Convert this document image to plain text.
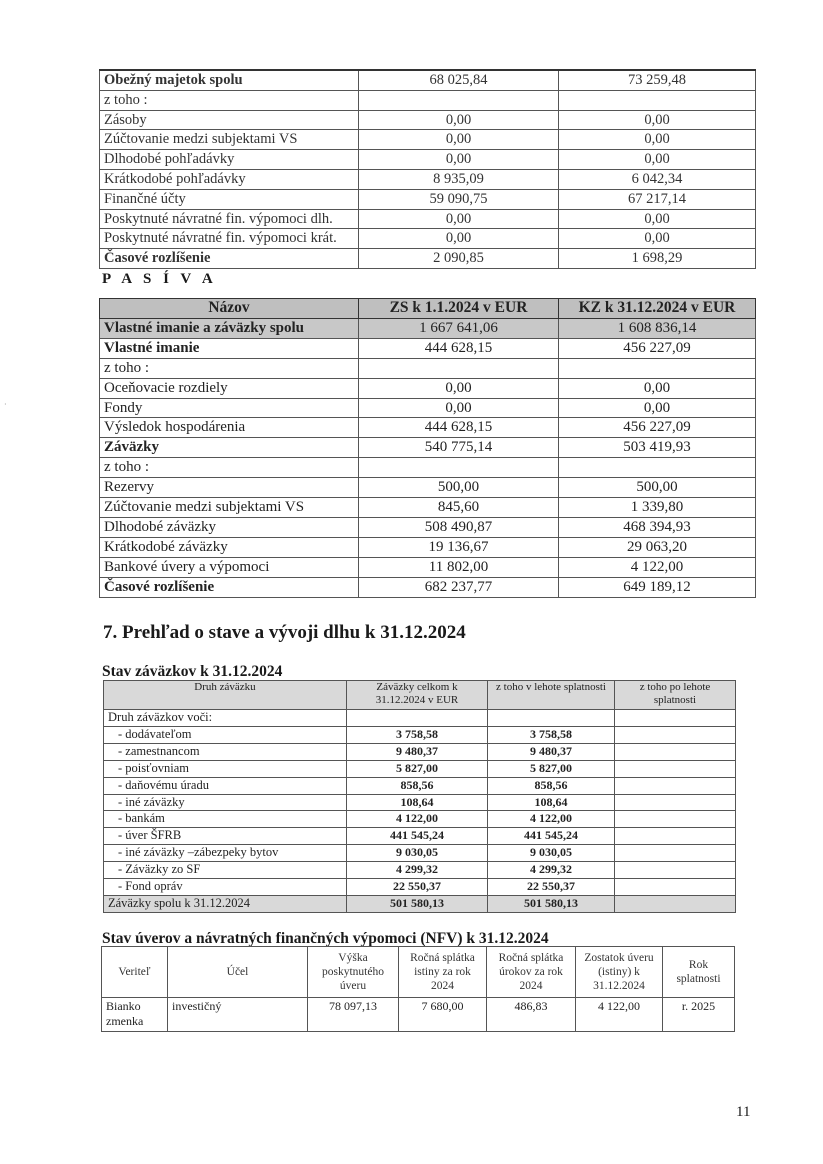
Obežný majetok spolu	68 025,84	73 259,48
z toho :		
Zásoby	0,00	0,00
Zúčtovanie medzi subjektami VS	0,00	0,00
Dlhodobé pohľadávky	0,00	0,00
Krátkodobé pohľadávky	8 935,09	6 042,34
Finančné účty	59 090,75	67 217,14
Poskytnuté návratné fin. výpomoci dlh.	0,00	0,00
Poskytnuté návratné fin. výpomoci krát.	0,00	0,00
Časové rozlíšenie	2 090,85	1 698,29
P A S Í V A
Názov	ZS k 1.1.2024 v EUR	KZ k 31.12.2024 v EUR
Vlastné imanie a záväzky spolu	1 667 641,06	1 608 836,14
Vlastné imanie	444 628,15	456 227,09
z toho :		
Oceňovacie rozdiely	0,00	0,00
Fondy	0,00	0,00
Výsledok hospodárenia	444 628,15	456 227,09
Záväzky	540 775,14	503 419,93
z toho :		
Rezervy	500,00	500,00
Zúčtovanie medzi subjektami VS	845,60	1 339,80
Dlhodobé záväzky	508 490,87	468 394,93
Krátkodobé záväzky	19 136,67	29 063,20
Bankové úvery a výpomoci	11 802,00	4 122,00
Časové rozlíšenie	682 237,77	649 189,12
7. Prehľad o stave a vývoji dlhu k 31.12.2024
Stav záväzkov k 31.12.2024
Druh záväzku	Záväzky celkom k 31.12.2024 v EUR	z toho v lehote splatnosti	z toho po lehote splatnosti
Druh záväzkov voči:			
- dodávateľom	3 758,58	3 758,58	
- zamestnancom	9 480,37	9 480,37	
- poisťovniam	5 827,00	5 827,00	
- daňovému úradu	858,56	858,56	
- iné záväzky	108,64	108,64	
- bankám	4 122,00	4 122,00	
- úver ŠFRB	441 545,24	441 545,24	
- iné záväzky –zábezpeky bytov	9 030,05	9 030,05	
- Záväzky zo SF	4 299,32	4 299,32	
- Fond opráv	22 550,37	22 550,37	
Záväzky spolu k 31.12.2024	501 580,13	501 580,13	
Stav úverov a návratných finančných výpomoci (NFV) k 31.12.2024
Veriteľ	Účel	Výška poskytnutého úveru	Ročná splátka istiny za rok 2024	Ročná splátka úrokov za rok 2024	Zostatok úveru (istiny) k 31.12.2024	Rok splatnosti
Bianko zmenka	investičný	78 097,13	7 680,00	486,83	4 122,00	r. 2025
·
11
